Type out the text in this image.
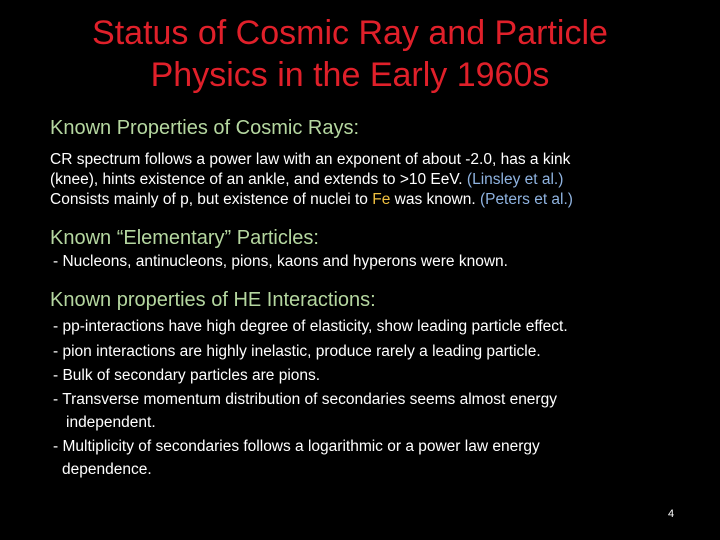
Status of Cosmic Ray and Particle
Physics in the Early 1960s
Known Properties of Cosmic Rays:
CR spectrum follows a power law with an exponent of about -2.0, has a kink
(knee), hints existence of an ankle, and extends to >10 EeV. (Linsley et al.)
Consists mainly of p, but existence of nuclei to Fe was known. (Peters et al.)
Known “Elementary” Particles:
- Nucleons, antinucleons, pions, kaons and hyperons were known.
Known properties of HE Interactions:
- pp-interactions have high degree of elasticity, show leading particle effect.
- pion interactions are highly inelastic, produce rarely a leading particle.
- Bulk of secondary particles are pions.
- Transverse momentum distribution of secondaries seems almost energy
independent.
- Multiplicity of secondaries follows a logarithmic or a power law energy
dependence.
4
